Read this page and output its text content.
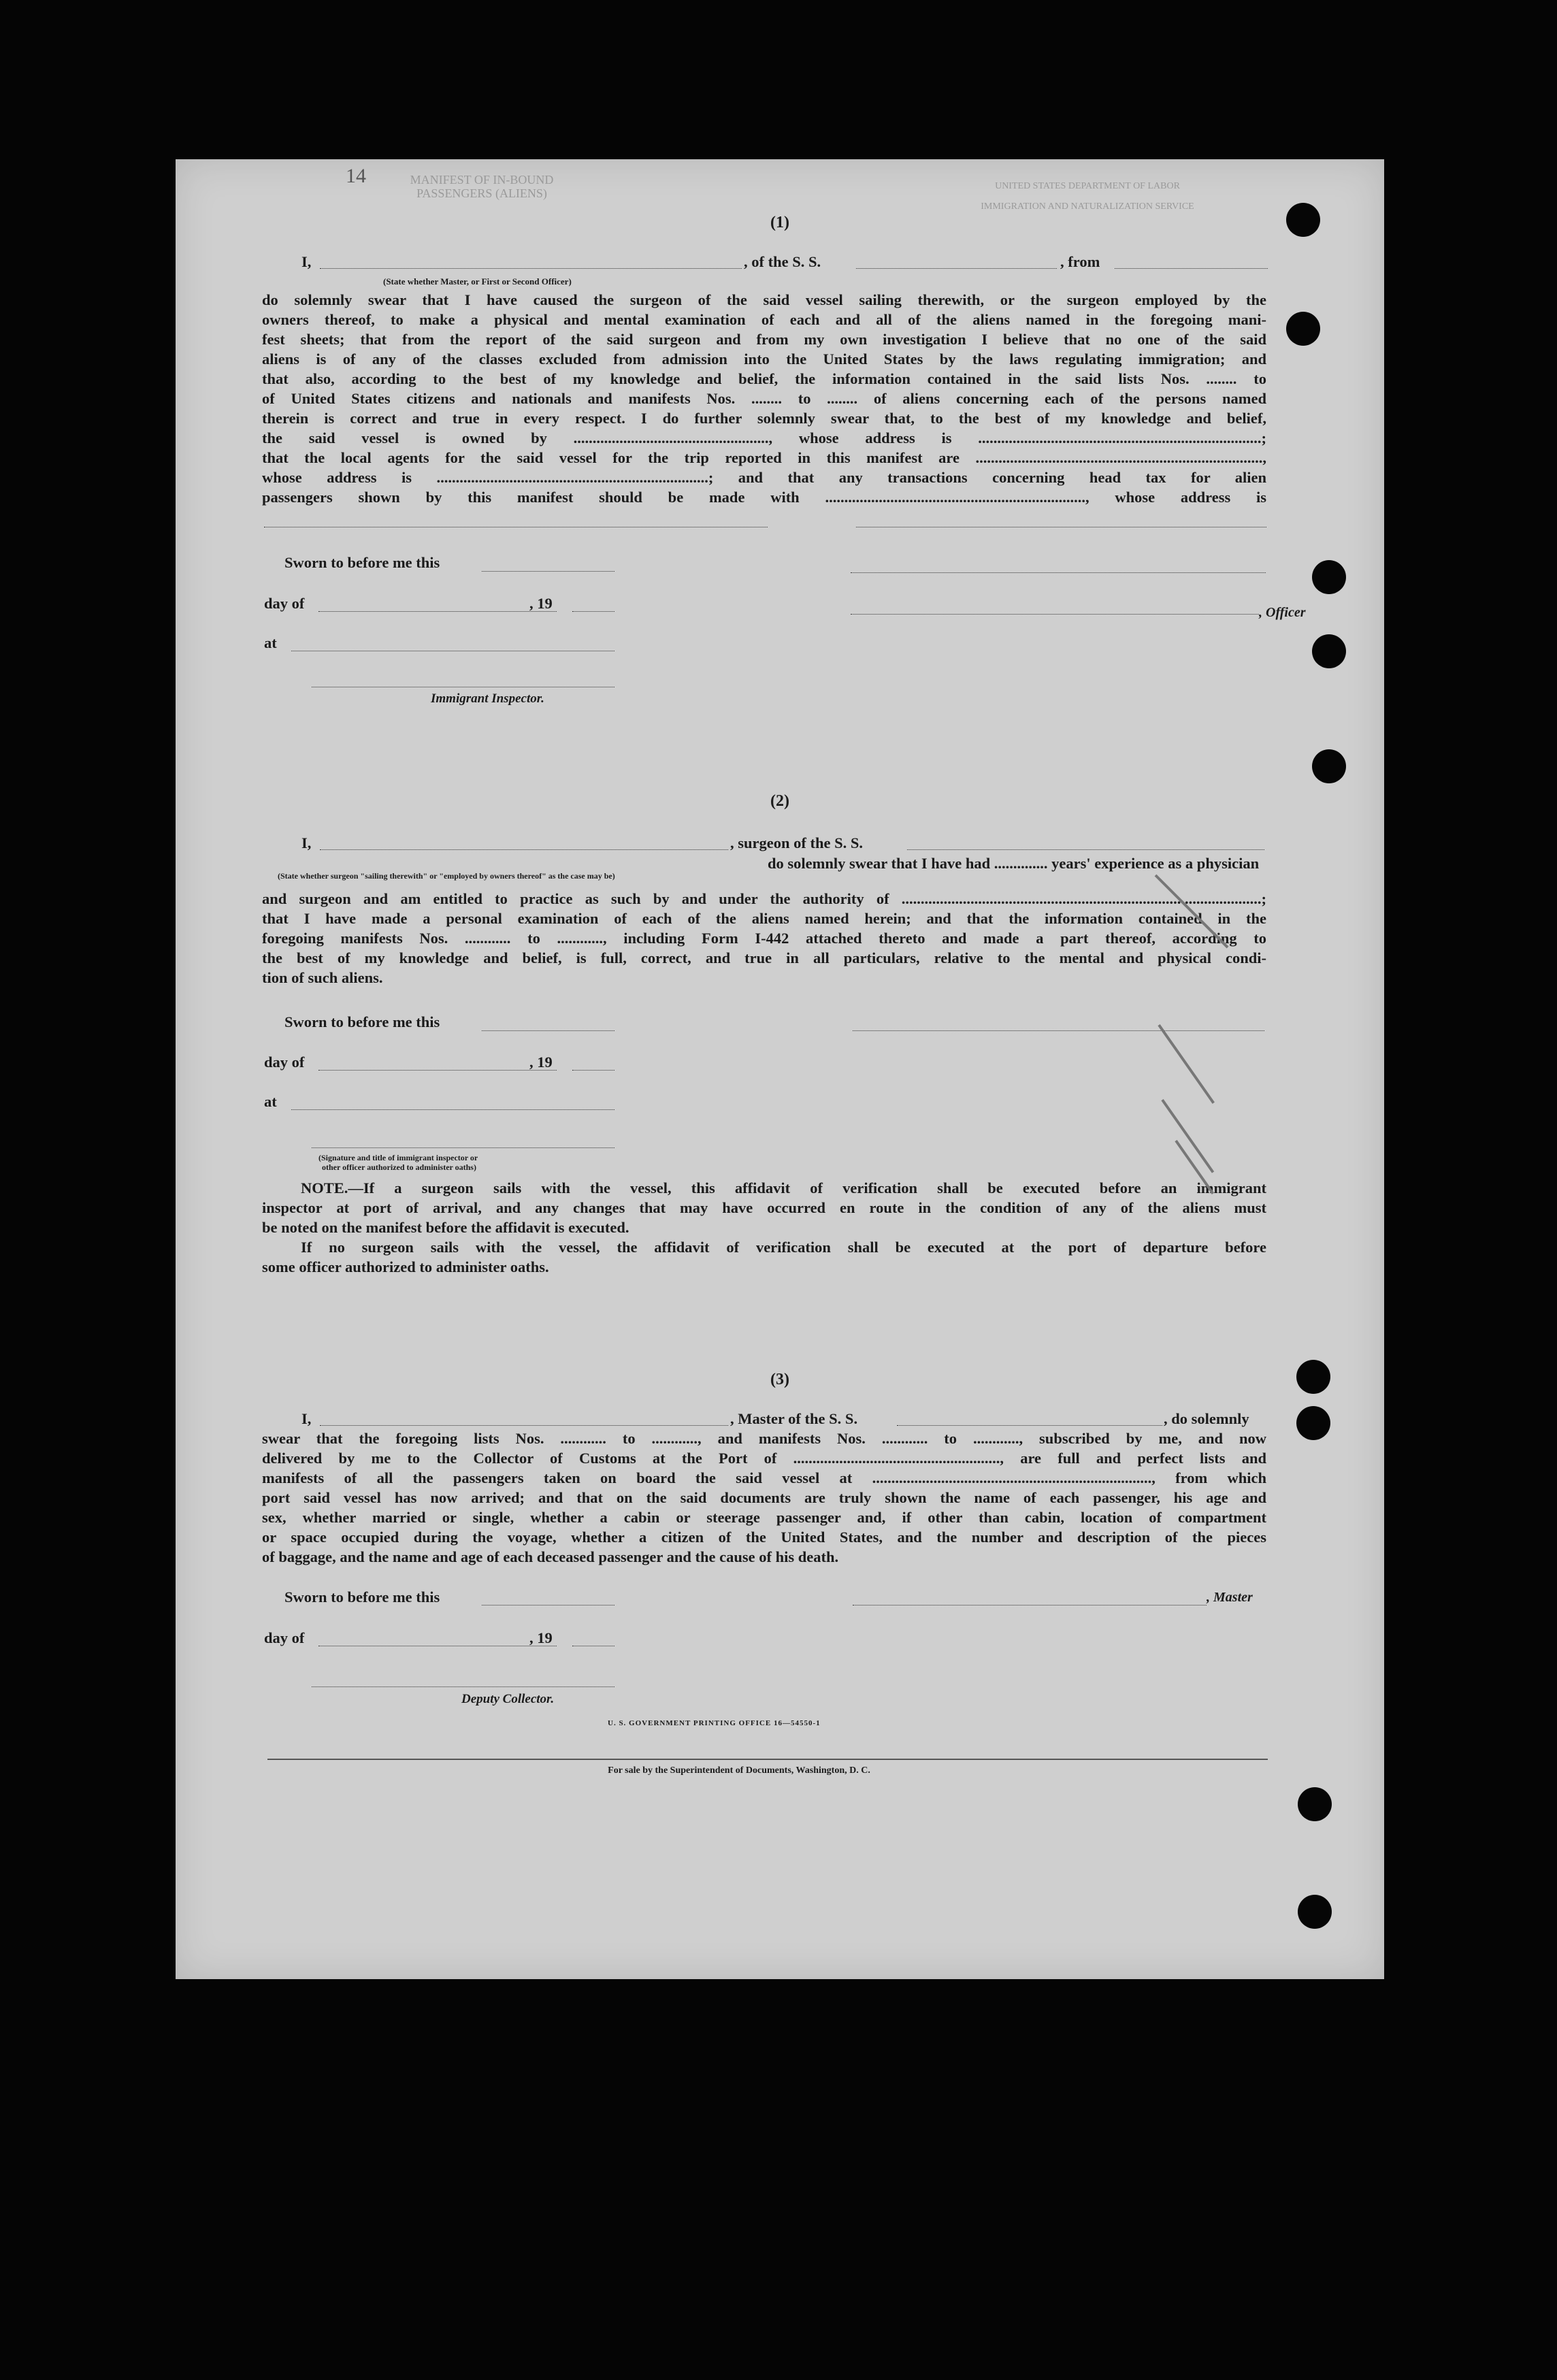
14	MANIFEST OF IN-BOUND PASSENGERS (ALIENS)
UNITED STATES DEPARTMENT OF LABOR
IMMIGRATION AND NATURALIZATION SERVICE
(1)
I,	, of the S. S.	, from
(State whether Master, or First or Second Officer)
do solemnly swear that I have caused the surgeon of the said vessel sailing therewith, or the surgeon employed by the
owners thereof, to make a physical and mental examination of each and all of the aliens named in the foregoing mani-
fest sheets; that from the report of the said surgeon and from my own investigation I believe that no one of the said
aliens is of any of the classes excluded from admission into the United States by the laws regulating immigration; and
that also, according to the best of my knowledge and belief, the information contained in the said lists Nos. ........ to
of United States citizens and nationals and manifests Nos. ........ to ........ of aliens concerning each of the persons named
therein is correct and true in every respect. I do further solemnly swear that, to the best of my knowledge and belief,
the said vessel is owned by ..................................................., whose address is ..........................................................................;
that the local agents for the said vessel for the trip reported in this manifest are ...........................................................................,
whose address is .......................................................................; and that any transactions concerning head tax for alien
passengers shown by this manifest should be made with ...................................................................., whose address is
Sworn to before me this
day of	, 19
, Officer
at
Immigrant Inspector.
(2)
I,	, surgeon of the S. S.
(State whether surgeon "sailing therewith" or "employed by owners thereof" as the case may be)
do solemnly swear that I have had .............. years' experience as a physician
and surgeon and am entitled to practice as such by and under the authority of ..............................................................................................;
that I have made a personal examination of each of the aliens named herein; and that the information contained in the
foregoing manifests Nos. ............ to ............, including Form I-442 attached thereto and made a part thereof, according to
the best of my knowledge and belief, is full, correct, and true in all particulars, relative to the mental and physical condi-
tion of such aliens.
Sworn to before me this
day of	, 19
at
(Signature and title of immigrant inspector or
other officer authorized to administer oaths)
NOTE.—If a surgeon sails with the vessel, this affidavit of verification shall be executed before an immigrant
inspector at port of arrival, and any changes that may have occurred en route in the condition of any of the aliens must
be noted on the manifest before the affidavit is executed.
If no surgeon sails with the vessel, the affidavit of verification shall be executed at the port of departure before
some officer authorized to administer oaths.
(3)
I,	, Master of the S. S.	, do solemnly
swear that the foregoing lists Nos. ............ to ............, and manifests Nos. ............ to ............, subscribed by me, and now
delivered by me to the Collector of Customs at the Port of ......................................................, are full and perfect lists and
manifests of all the passengers taken on board the said vessel at ........................................................................., from which
port said vessel has now arrived; and that on the said documents are truly shown the name of each passenger, his age and
sex, whether married or single, whether a cabin or steerage passenger and, if other than cabin, location of compartment
or space occupied during the voyage, whether a citizen of the United States, and the number and description of the pieces
of baggage, and the name and age of each deceased passenger and the cause of his death.
Sworn to before me this	, Master
day of	, 19
Deputy Collector.
U. S. GOVERNMENT PRINTING OFFICE 16—54550-1
For sale by the Superintendent of Documents, Washington, D. C.
